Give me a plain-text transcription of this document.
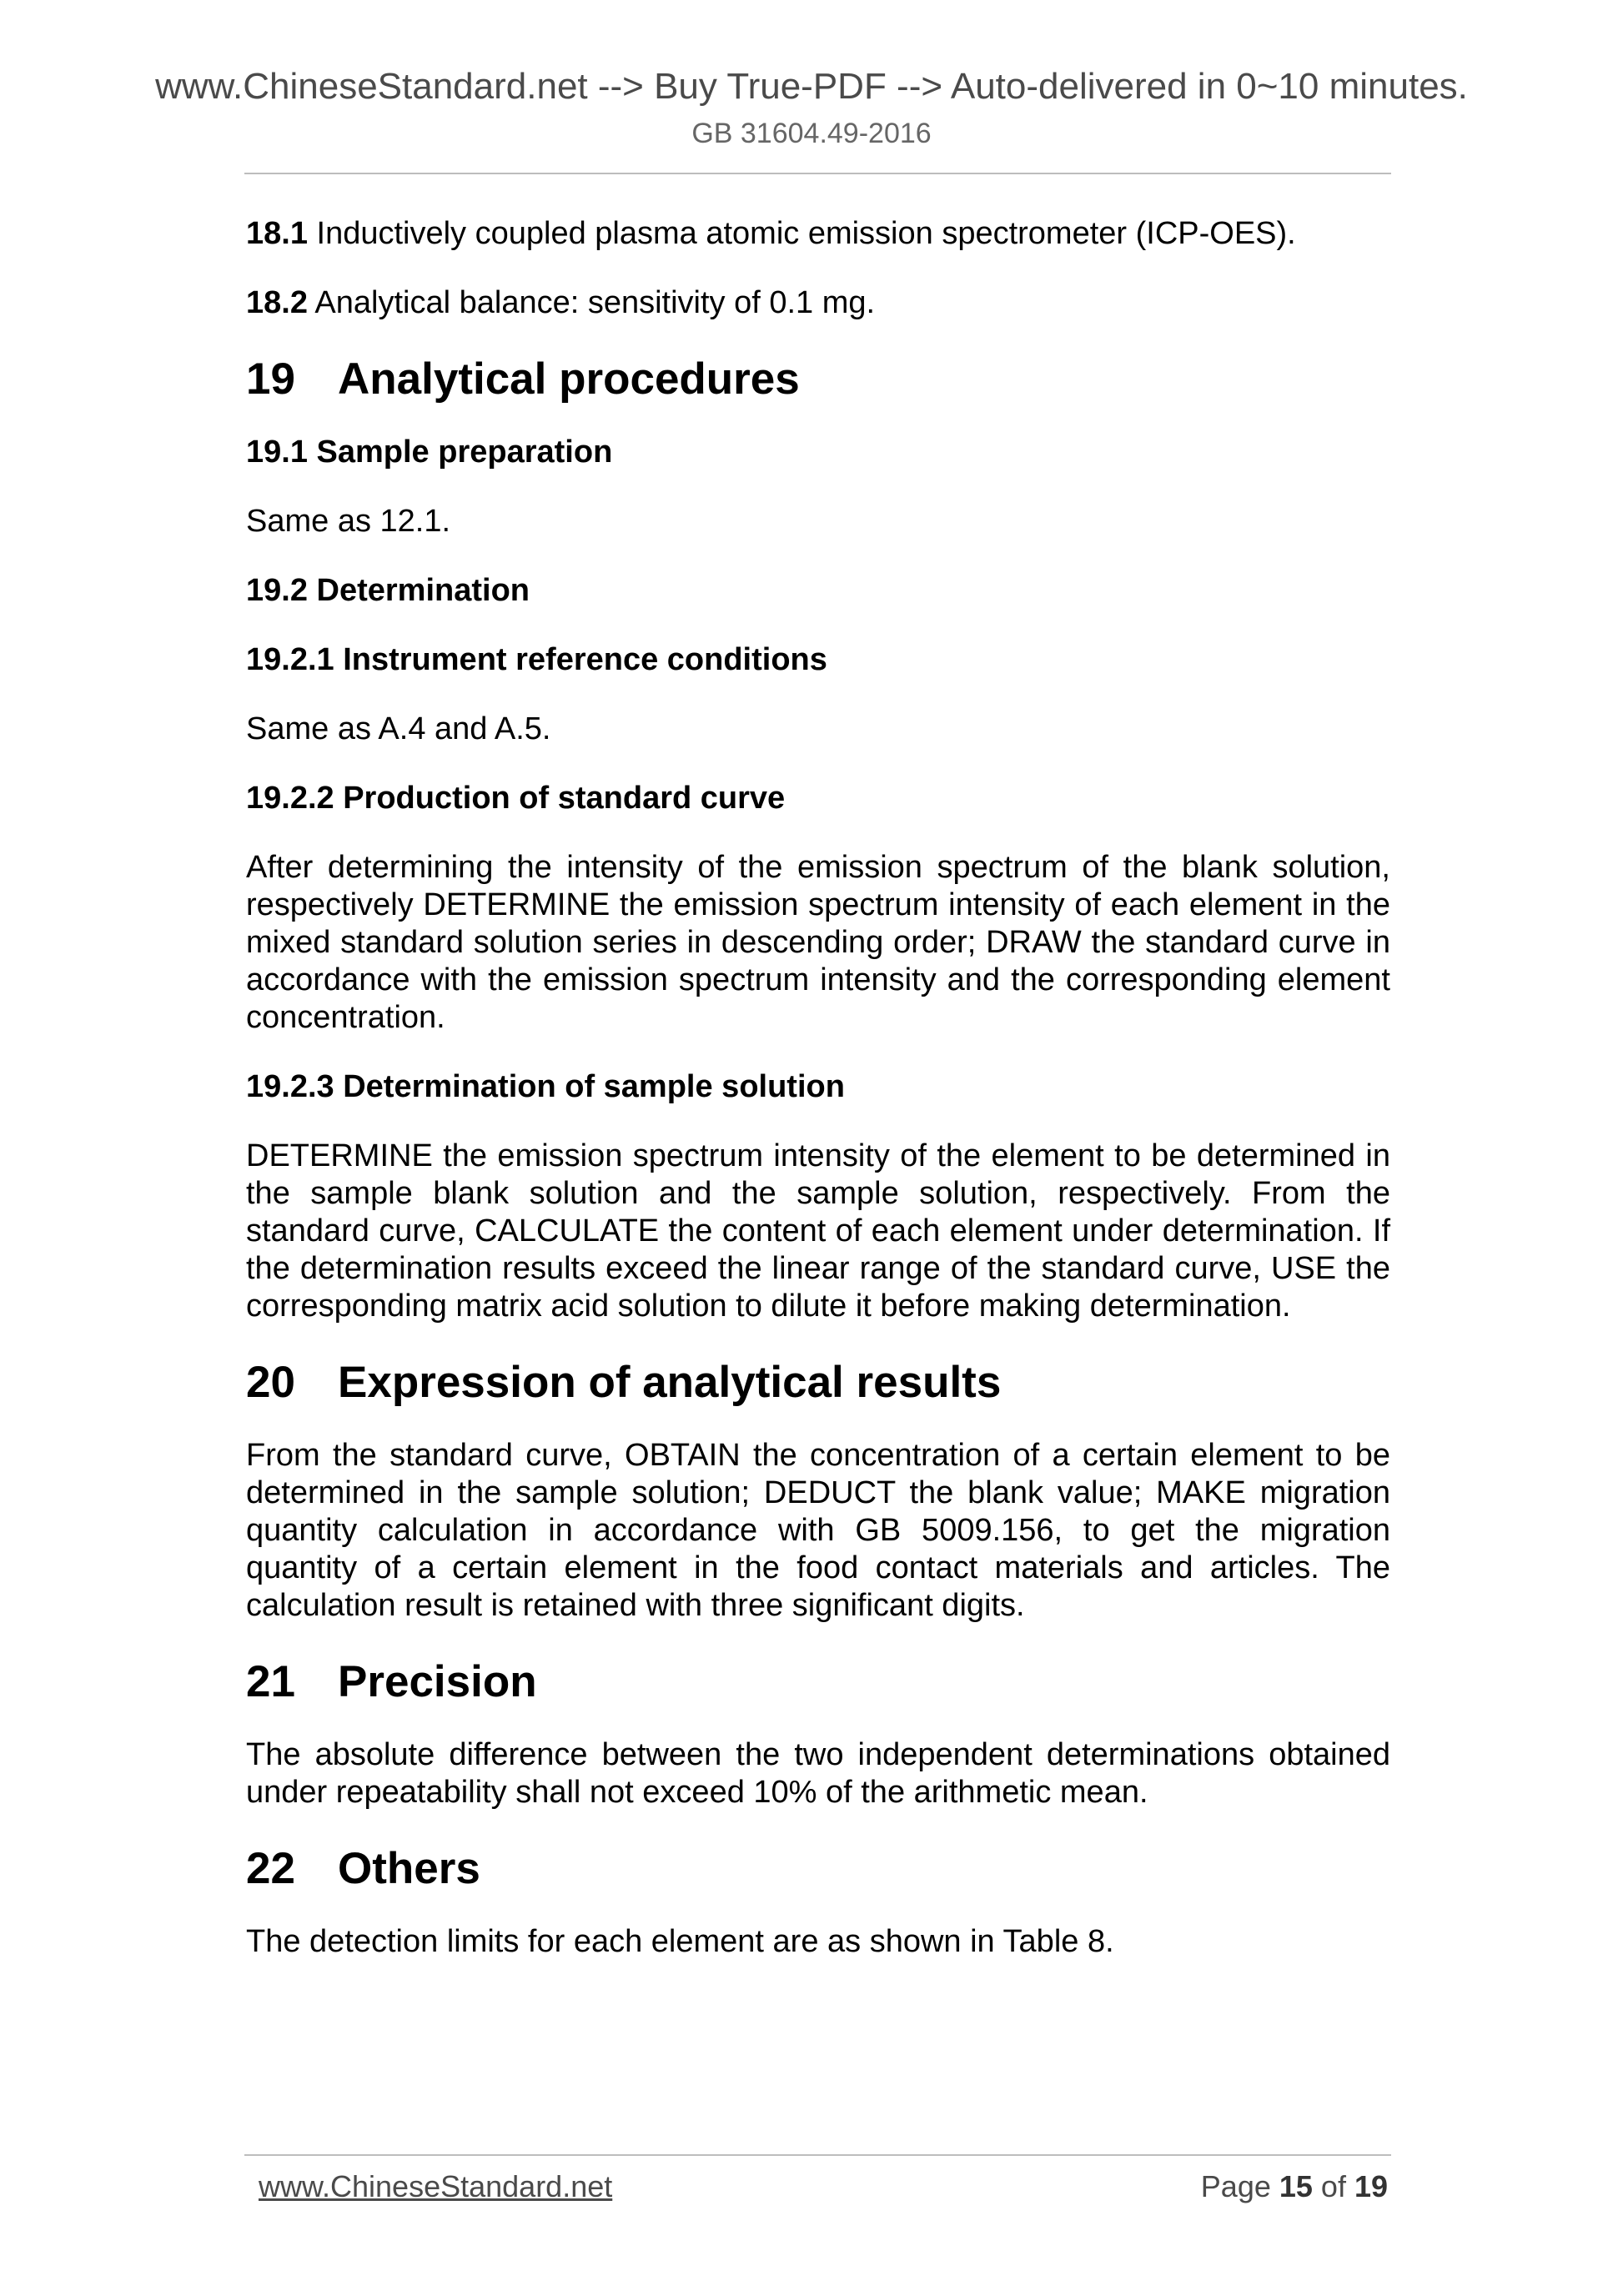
www.ChineseStandard.net --> Buy True-PDF --> Auto-delivered in 0~10 minutes.
GB 31604.49-2016

18.1 Inductively coupled plasma atomic emission spectrometer (ICP-OES).

18.2 Analytical balance: sensitivity of 0.1 mg.

19 Analytical procedures
19.1 Sample preparation

Same as 12.1.

19.2 Determination
19.2.1 Instrument reference conditions

Same as A.4 and A.5.

19.2.2 Production of standard curve

After determining the intensity of the emission spectrum of the blank solution, respectively DETERMINE the emission spectrum intensity of each element in the mixed standard solution series in descending order; DRAW the standard curve in accordance with the emission spectrum intensity and the corresponding element concentration.

19.2.3 Determination of sample solution

DETERMINE the emission spectrum intensity of the element to be determined in the sample blank solution and the sample solution, respectively. From the standard curve, CALCULATE the content of each element under determination. If the determination results exceed the linear range of the standard curve, USE the corresponding matrix acid solution to dilute it before making determination.

20 Expression of analytical results

From the standard curve, OBTAIN the concentration of a certain element to be determined in the sample solution; DEDUCT the blank value; MAKE migration quantity calculation in accordance with GB 5009.156, to get the migration quantity of a certain element in the food contact materials and articles. The calculation result is retained with three significant digits.

21 Precision

The absolute difference between the two independent determinations obtained under repeatability shall not exceed 10% of the arithmetic mean.

22 Others

The detection limits for each element are as shown in Table 8.

www.ChineseStandard.net	Page 15 of 19
